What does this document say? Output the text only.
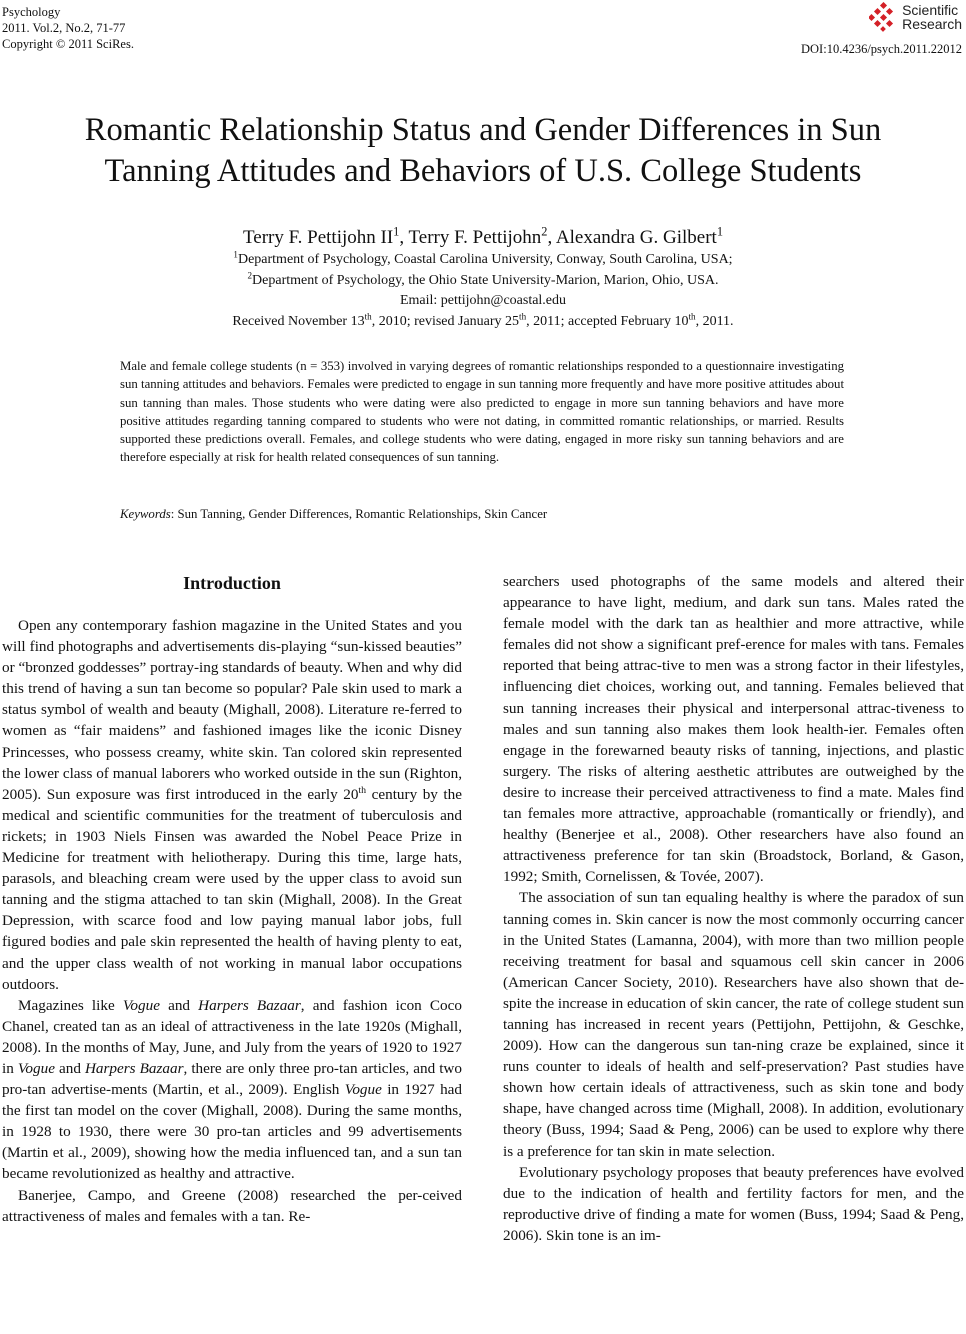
Psychology
2011. Vol.2, No.2, 71-77
Copyright © 2011 SciRes.
Scientific
Research
DOI:10.4236/psych.2011.22012
Romantic Relationship Status and Gender Differences in Sun
Tanning Attitudes and Behaviors of U.S. College Students
Terry F. Pettijohn $II^1$, Terry F. Pettijohn$^2$, Alexandra G. Gilbert$^1$
$^1$Department of Psychology, Coastal Carolina University, Conway, South Carolina, USA;
$^2$Department of Psychology, the Ohio State University-Marion, Marion, Ohio, USA.
Email: pettijohn@coastal.edu
Received November 13th, 2010; revised January 25th, 2011; accepted February 10th, 2011.
Male and female college students (n = 353) involved in varying degrees of romantic relationships responded to a questionnaire investigating sun tanning attitudes and behaviors. Females were predicted to engage in sun tanning more frequently and have more positive attitudes about sun tanning than males. Those students who were dating were also predicted to engage in more sun tanning behaviors and have more positive attitudes regarding tanning compared to students who were not dating, in committed romantic relationships, or married. Results supported these predictions overall. Females, and college students who were dating, engaged in more risky sun tanning behaviors and are therefore especially at risk for health related consequences of sun tanning.
Keywords: Sun Tanning, Gender Differences, Romantic Relationships, Skin Cancer
Introduction

Open any contemporary fashion magazine in the United States and you will find photographs and advertisements dis-playing “sun-kissed beauties” or “bronzed goddesses” portray-ing standards of beauty. When and why did this trend of having a sun tan become so popular? Pale skin used to mark a status symbol of wealth and beauty (Mighall, 2008). Literature re-ferred to women as “fair maidens” and fashioned images like the iconic Disney Princesses, who possess creamy, white skin. Tan colored skin represented the lower class of manual laborers who worked outside in the sun (Righton, 2005). Sun exposure was first introduced in the early 20th century by the medical and scientific communities for the treatment of tuberculosis and rickets; in 1903 Niels Finsen was awarded the Nobel Peace Prize in Medicine for treatment with heliotherapy. During this time, large hats, parasols, and bleaching cream were used by the upper class to avoid sun tanning and the stigma attached to tan skin (Mighall, 2008). In the Great Depression, with scarce food and low paying manual labor jobs, full figured bodies and pale skin represented the health of having plenty to eat, and the upper class wealth of not working in manual labor occupations outdoors.

Magazines like Vogue and Harpers Bazaar, and fashion icon Coco Chanel, created tan as an ideal of attractiveness in the late 1920s (Mighall, 2008). In the months of May, June, and July from the years of 1920 to 1927 in Vogue and Harpers Bazaar, there are only three pro-tan articles, and two pro-tan advertise-ments (Martin, et al., 2009). English Vogue in 1927 had the first tan model on the cover (Mighall, 2008). During the same months, in 1928 to 1930, there were 30 pro-tan articles and 99 advertisements (Martin et al., 2009), showing how the media influenced tan, and a sun tan became revolutionized as healthy and attractive.

Banerjee, Campo, and Greene (2008) researched the per-ceived attractiveness of males and females with a tan. Re-

searchers used photographs of the same models and altered their appearance to have light, medium, and dark sun tans. Males rated the female model with the dark tan as healthier and more attractive, while females did not show a significant pref-erence for males with tans. Females reported that being attrac-tive to men was a strong factor in their lifestyles, influencing diet choices, working out, and tanning. Females believed that sun tanning increases their physical and interpersonal attrac-tiveness to males and sun tanning also makes them look health-ier. Females often engage in the forewarned beauty risks of tanning, injections, and plastic surgery. The risks of altering aesthetic attributes are outweighed by the desire to increase their perceived attractiveness to find a mate. Males find tan females more attractive, approachable (romantically or friendly), and healthy (Benerjee et al., 2008). Other researchers have also found an attractiveness preference for tan skin (Broadstock, Borland, & Gason, 1992; Smith, Cornelissen, & Tovée, 2007).

The association of sun tan equaling healthy is where the paradox of sun tanning comes in. Skin cancer is now the most commonly occurring cancer in the United States (Lamanna, 2004), with more than two million people receiving treatment for basal and squamous cell skin cancer in 2006 (American Cancer Society, 2010). Researchers have also shown that de-spite the increase in education of skin cancer, the rate of college student sun tanning has increased in recent years (Pettijohn, Pettijohn, & Geschke, 2009). How can the dangerous sun tan-ning craze be explained, since it runs counter to ideals of health and self-preservation? Past studies have shown how certain ideals of attractiveness, such as skin tone and body shape, have changed across time (Mighall, 2008). In addition, evolutionary theory (Buss, 1994; Saad & Peng, 2006) can be used to explore why there is a preference for tan skin in mate selection.

Evolutionary psychology proposes that beauty preferences have evolved due to the indication of health and fertility factors for men, and the reproductive drive of finding a mate for women (Buss, 1994; Saad & Peng, 2006). Skin tone is an im-
